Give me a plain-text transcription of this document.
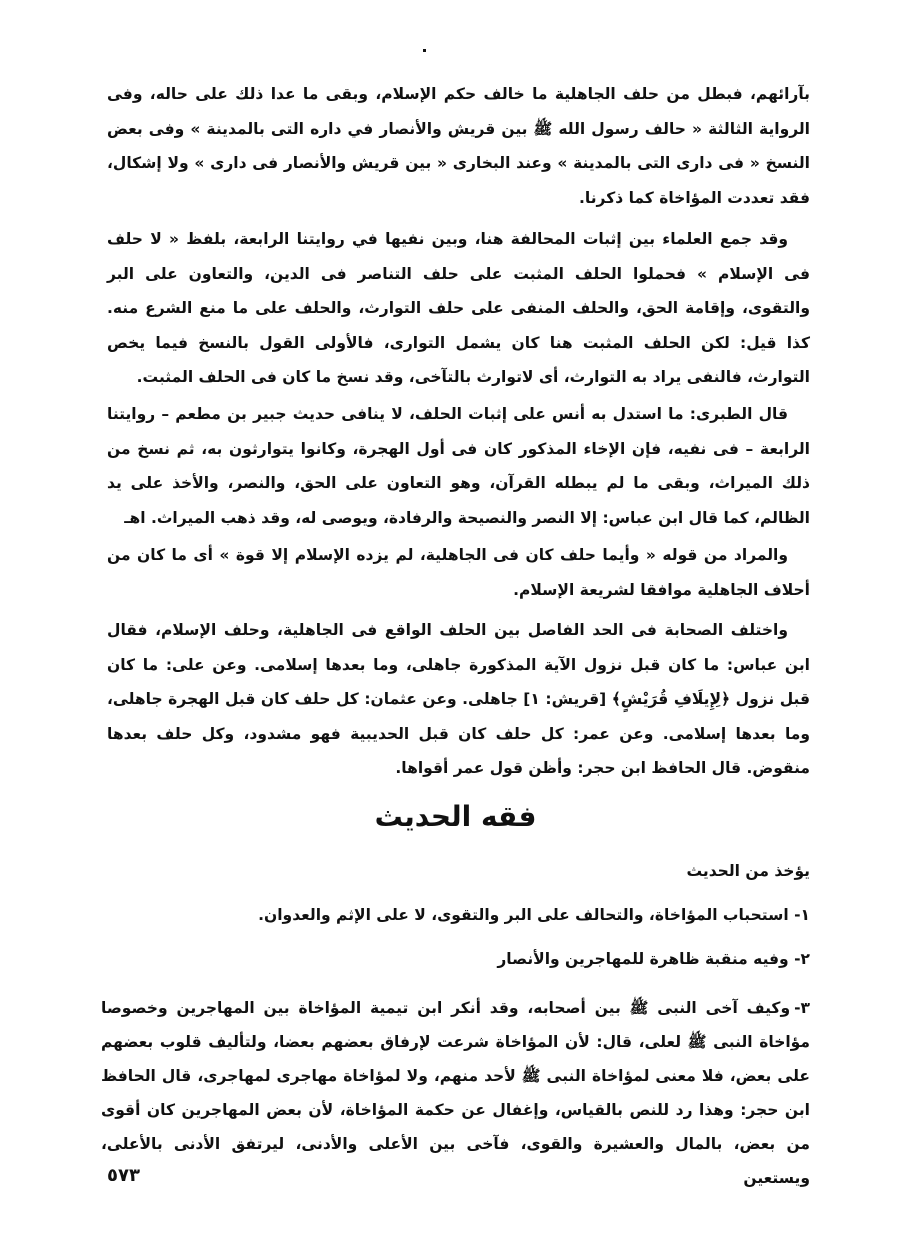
بآرائهم، فبطل من حلف الجاهلية ما خالف حكم الإسلام، وبقى ما عدا ذلك على حاله، وفى الرواية الثالثة « حالف رسول الله ﷺ بين قريش والأنصار في داره التى بالمدينة » وفى بعض النسخ « فى دارى التى بالمدينة » وعند البخارى « بين قريش والأنصار فى دارى » ولا إشكال، فقد تعددت المؤاخاة كما ذكرنا.

وقد جمع العلماء بين إثبات المحالفة هنا، وبين نفيها في روايتنا الرابعة، بلفظ « لا حلف فى الإسلام » فحملوا الحلف المثبت على حلف التناصر فى الدين، والتعاون على البر والتقوى، وإقامة الحق، والحلف المنفى على حلف التوارث، والحلف على ما منع الشرع منه. كذا قيل: لكن الحلف المثبت هنا كان يشمل التوارى، فالأولى القول بالنسخ فيما يخص التوارث، فالنفى يراد به التوارث، أى لاتوارث بالتآخى، وقد نسخ ما كان فى الحلف المثبت.

قال الطبرى: ما استدل به أنس على إثبات الحلف، لا ينافى حديث جبير بن مطعم – روايتنا الرابعة – فى نفيه، فإن الإخاء المذكور كان فى أول الهجرة، وكانوا يتوارثون به، ثم نسخ من ذلك الميراث، وبقى ما لم يبطله القرآن، وهو التعاون على الحق، والنصر، والأخذ على يد الظالم، كما قال ابن عباس: إلا النصر والنصيحة والرفادة، ويوصى له، وقد ذهب الميراث. اهـ

والمراد من قوله « وأيما حلف كان فى الجاهلية، لم يزده الإسلام إلا قوة » أى ما كان من أحلاف الجاهلية موافقا لشريعة الإسلام.

واختلف الصحابة فى الحد الفاصل بين الحلف الواقع فى الجاهلية، وحلف الإسلام، فقال ابن عباس: ما كان قبل نزول الآية المذكورة جاهلى، وما بعدها إسلامى. وعن على: ما كان قبل نزول ﴿لِإِيلَافِ قُرَيْشٍ﴾ [قريش: ١] جاهلى. وعن عثمان: كل حلف كان قبل الهجرة جاهلى، وما بعدها إسلامى. وعن عمر: كل حلف كان قبل الحديبية فهو مشدود، وكل حلف بعدها منقوض. قال الحافظ ابن حجر: وأظن قول عمر أقواها.

فقه الحديث
يؤخذ من الحديث
١- استحباب المؤاخاة، والتحالف على البر والتقوى، لا على الإثم والعدوان.
٢- وفيه منقبة ظاهرة للمهاجرين والأنصار
٣-
وكيف آخى النبى ﷺ بين أصحابه، وقد أنكر ابن تيمية المؤاخاة بين المهاجرين وخصوصا مؤاخاة النبى ﷺ لعلى، قال: لأن المؤاخاة شرعت لإرفاق بعضهم بعضا، ولتأليف قلوب بعضهم على بعض، فلا معنى لمؤاخاة النبى ﷺ لأحد منهم، ولا لمؤاخاة مهاجرى لمهاجرى، قال الحافظ ابن حجر: وهذا رد للنص بالقياس، وإغفال عن حكمة المؤاخاة، لأن بعض المهاجرين كان أقوى من بعض، بالمال والعشيرة والقوى، فآخى بين الأعلى والأدنى، ليرتفق الأدنى بالأعلى، ويستعين
٥٧٣
